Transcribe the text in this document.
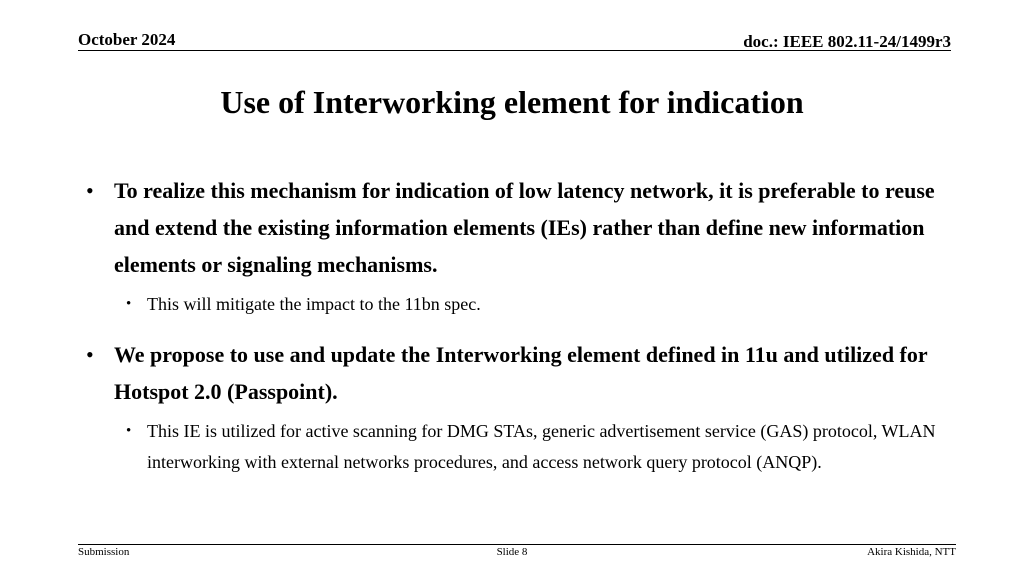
October 2024	doc.: IEEE 802.11-24/1499r3
Use of Interworking element for indication
• To realize this mechanism for indication of low latency network, it is preferable to reuse and extend the existing information elements (IEs) rather than define new information elements or signaling mechanisms.
• This will mitigate the impact to the 11bn spec.
• We propose to use and update the Interworking element defined in 11u and utilized for Hotspot 2.0 (Passpoint).
• This IE is utilized for active scanning for DMG STAs, generic advertisement service (GAS) protocol, WLAN interworking with external networks procedures, and access network query protocol (ANQP).
Submission	Slide 8	Akira Kishida, NTT
